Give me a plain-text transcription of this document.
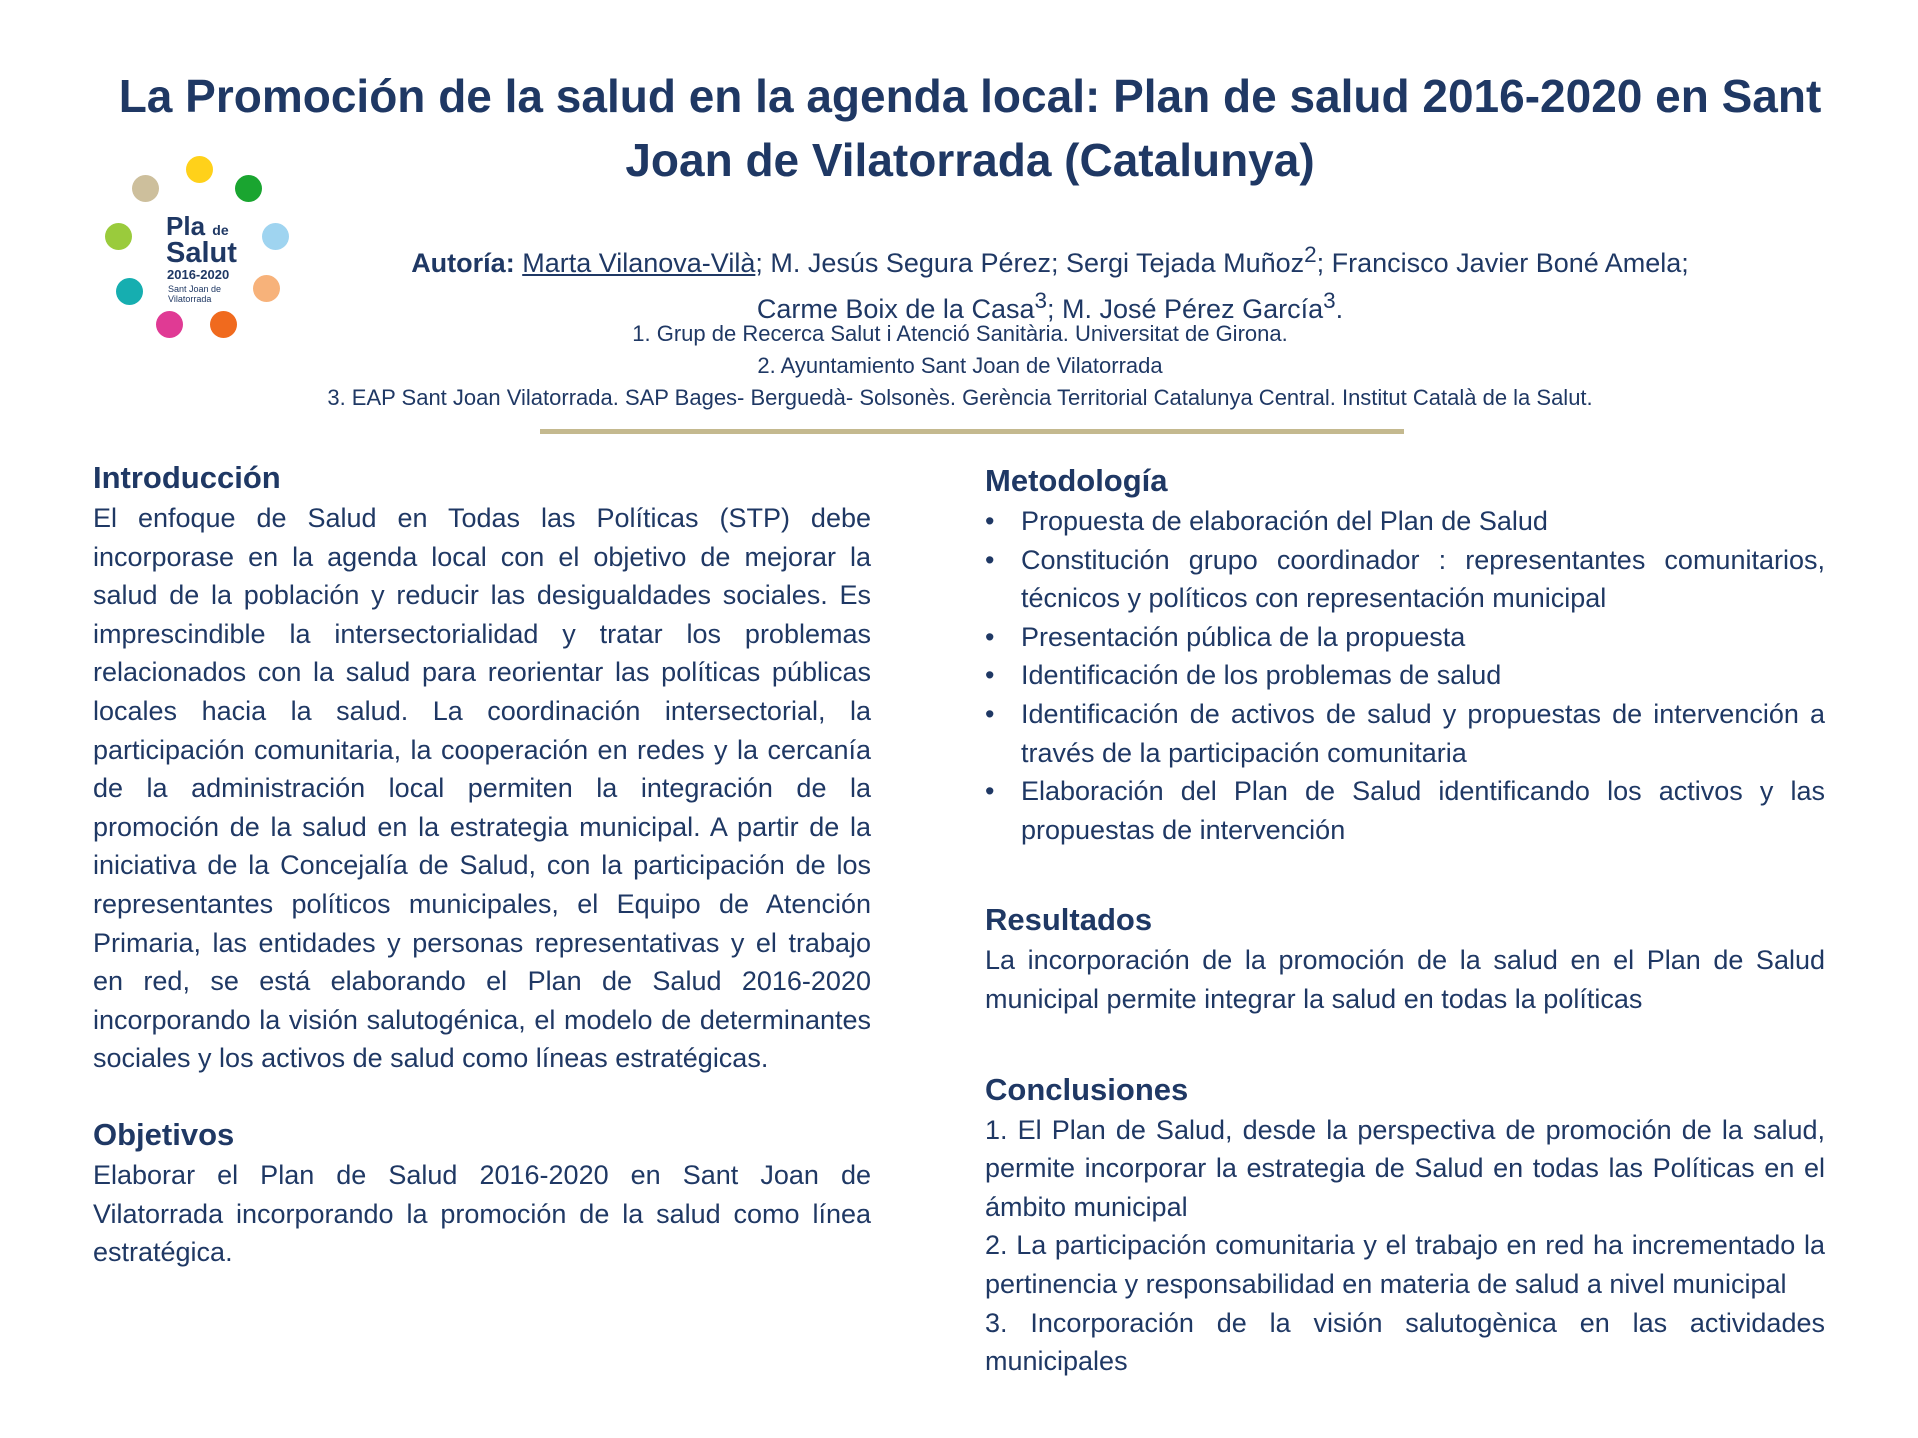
La Promoción de la salud en la agenda local: Plan de salud 2016-2020 en Sant Joan de Vilatorrada (Catalunya)
Pla de
Salut
2016-2020
Sant Joan de Vilatorrada
Autoría: Marta Vilanova-Vilà; M. Jesús Segura Pérez; Sergi Tejada Muñoz$^2$; Francisco Javier Boné Amela;
Carme Boix de la Casa$^3$; M. José Pérez García$^3$.
1. Grup de Recerca Salut i Atenció Sanitària. Universitat de Girona.
2. Ayuntamiento Sant Joan de Vilatorrada
3. EAP Sant Joan Vilatorrada. SAP Bages- Berguedà- Solsonès. Gerència Territorial Catalunya Central. Institut Català de la Salut.
Introducción

El enfoque de Salud en Todas las Políticas (STP) debe incorporase en la agenda local con el objetivo de mejorar la salud de la población y reducir las desigualdades sociales. Es imprescindible la intersectorialidad y tratar los problemas relacionados con la salud para reorientar las políticas públicas locales hacia la salud. La coordinación intersectorial, la participación comunitaria, la cooperación en redes y la cercanía de la administración local permiten la integración de la promoción de la salud en la estrategia municipal. A partir de la iniciativa de la Concejalía de Salud, con la participación de los representantes políticos municipales, el Equipo de Atención Primaria, las entidades y personas representativas y el trabajo en red, se está elaborando el Plan de Salud 2016-2020 incorporando la visión salutogénica, el modelo de determinantes sociales y los activos de salud como líneas estratégicas.

Objetivos

Elaborar el Plan de Salud 2016-2020 en Sant Joan de Vilatorrada incorporando la promoción de la salud como línea estratégica.

Metodología
• Propuesta de elaboración del Plan de Salud
• Constitución grupo coordinador : representantes comunitarios, técnicos y políticos con representación municipal
• Presentación pública de la propuesta
• Identificación de los problemas de salud
• Identificación de activos de salud y propuestas de intervención a través de la participación comunitaria
• Elaboración del Plan de Salud identificando los activos y las propuestas de intervención
Resultados

La incorporación de la promoción de la salud en el Plan de Salud municipal permite integrar la salud en todas la políticas

Conclusiones

1. El Plan de Salud, desde la perspectiva de promoción de la salud, permite incorporar la estrategia de Salud en todas las Políticas en el ámbito municipal

2. La participación comunitaria y el trabajo en red ha incrementado la pertinencia y responsabilidad en materia de salud a nivel municipal

3. Incorporación de la visión salutogènica en las actividades municipales
